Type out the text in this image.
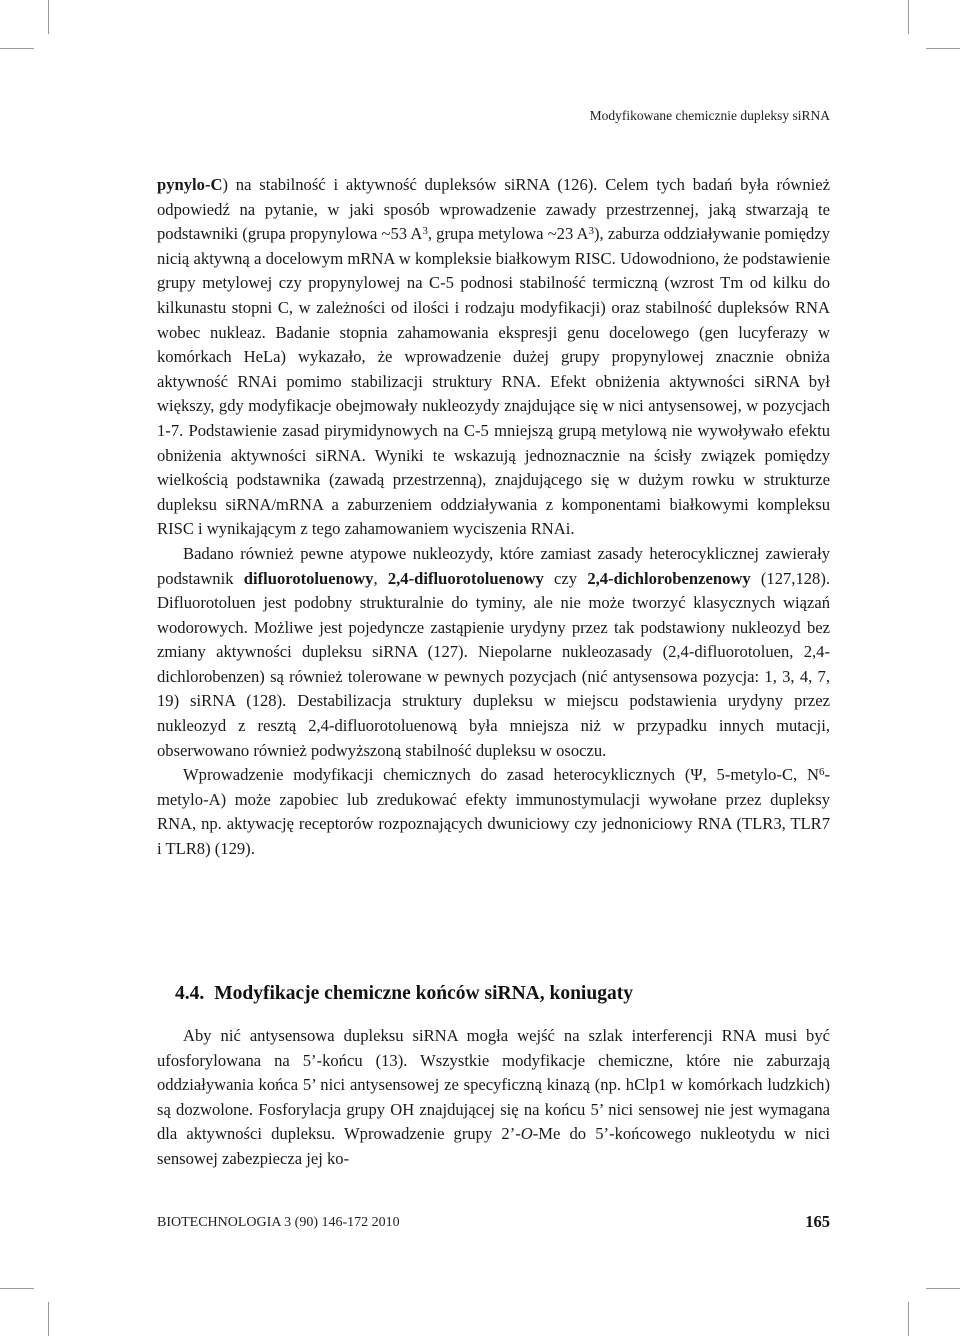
Modyfikowane chemicznie dupleksy siRNA

pynylo-C) na stabilność i aktywność dupleksów siRNA (126). Celem tych badań była również odpowiedź na pytanie, w jaki sposób wprowadzenie zawady przestrzennej, jaką stwarzają te podstawniki (grupa propynylowa ~53 $A^3$, grupa metylowa ~23 $A^3$), zaburza oddziaływanie pomiędzy nicią aktywną a docelowym mRNA w kompleksie białkowym RISC. Udowodniono, że podstawienie grupy metylowej czy propynylowej na C-5 podnosi stabilność termiczną (wzrost Tm od kilku do kilkunastu stopni C, w zależności od ilości i rodzaju modyfikacji) oraz stabilność dupleksów RNA wobec nukleaz. Badanie stopnia zahamowania ekspresji genu docelowego (gen lucyferazy w komórkach HeLa) wykazało, że wprowadzenie dużej grupy propynylowej znacznie obniża aktywność RNAi pomimo stabilizacji struktury RNA. Efekt obniżenia aktywności siRNA był większy, gdy modyfikacje obejmowały nukleozydy znajdujące się w nici antysensowej, w pozycjach 1-7. Podstawienie zasad pirymidynowych na C-5 mniejszą grupą metylową nie wywoływało efektu obniżenia aktywności siRNA. Wyniki te wskazują jednoznacznie na ścisły związek pomiędzy wielkością podstawnika (zawadą przestrzenną), znajdującego się w dużym rowku w strukturze dupleksu siRNA/mRNA a zaburzeniem oddziaływania z komponentami białkowymi kompleksu RISC i wynikającym z tego zahamowaniem wyciszenia RNAi.

Badano również pewne atypowe nukleozydy, które zamiast zasady heterocyklicznej zawierały podstawnik difluorotoluenowy, 2,4-difluorotoluenowy czy 2,4-dichlorobenzenowy (127,128). Difluorotoluen jest podobny strukturalnie do tyminy, ale nie może tworzyć klasycznych wiązań wodorowych. Możliwe jest pojedyncze zastąpienie urydyny przez tak podstawiony nukleozyd bez zmiany aktywności dupleksu siRNA (127). Niepolarne nukleozasady (2,4-difluorotoluen, 2,4-dichlorobenzen) są również tolerowane w pewnych pozycjach (nić antysensowa pozycja: 1, 3, 4, 7, 19) siRNA (128). Destabilizacja struktury dupleksu w miejscu podstawienia urydyny przez nukleozyd z resztą 2,4-difluorotoluenową była mniejsza niż w przypadku innych mutacji, obserwowano również podwyższoną stabilność dupleksu w osoczu.

Wprowadzenie modyfikacji chemicznych do zasad heterocyklicznych (Ψ, 5-metylo-C, $N^6-metylo-A$) może zapobiec lub zredukować efekty immunostymulacji wywołane przez dupleksy RNA, np. aktywację receptorów rozpoznających dwuniciowy czy jednoniciowy RNA (TLR3, TLR7 i TLR8) (129).

4.4. Modyfikacje chemiczne końców siRNA, koniugaty

Aby nić antysensowa dupleksu siRNA mogła wejść na szlak interferencji RNA musi być ufosforylowana na 5’-końcu (13). Wszystkie modyfikacje chemiczne, które nie zaburzają oddziaływania końca 5’ nici antysensowej ze specyficzną kinazą (np. hClp1 w komórkach ludzkich) są dozwolone. Fosforylacja grupy OH znajdującej się na końcu 5’ nici sensowej nie jest wymagana dla aktywności dupleksu. Wprowadzenie grupy 2’-O-Me do 5’-końcowego nukleotydu w nici sensowej zabezpiecza jej ko-

BIOTECHNOLOGIA 3 (90) 146-172 2010	165
